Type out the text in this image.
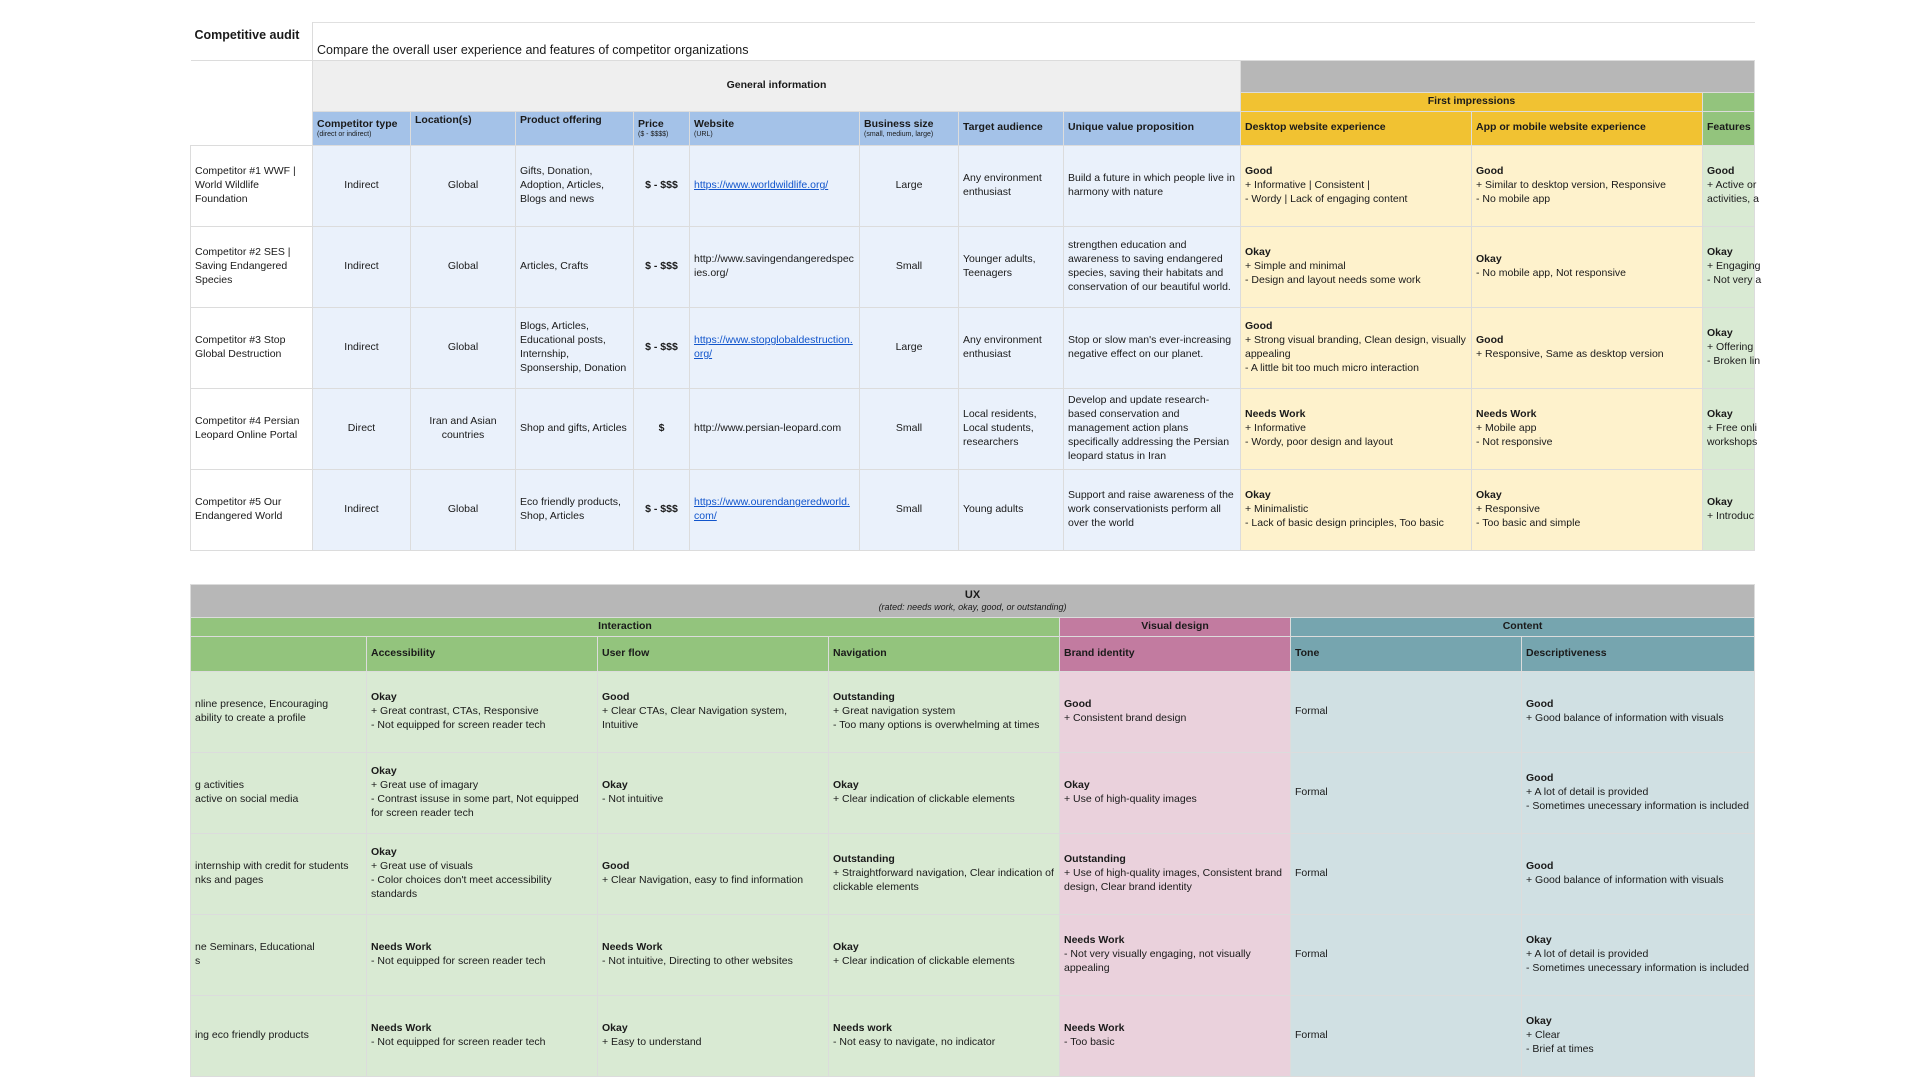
Competitive audit	Compare the overall user experience and features of competitor organizations										
	General information										
									First impressions		
	Competitor type
(direct or indirect)	Location(s)	Product offering	Price
($ - $$$$)	Website
(URL)	Business size
(small, medium, large)	Target audience	Unique value proposition	Desktop website experience	App or mobile website experience	Features
Competitor #1 WWF | World Wildlife Foundation	Indirect	Global	Gifts, Donation, Adoption, Articles, Blogs and news	$ - $$$	https://www.worldwildlife.org/	Large	Any environment enthusiast	Build a future in which people live in harmony with nature	Good
+ Informative | Consistent |
- Wordy | Lack of engaging content	Good
+ Similar to desktop version, Responsive
- No mobile app	Good
+ Active or
activities, a

Competitor #2 SES | Saving Endangered Species	Indirect	Global	Articles, Crafts	$ - $$$	http://www.savingendangeredspecies.org/	Small	Younger adults, Teenagers	strengthen education and awareness to saving endangered species, saving their habitats and conservation of our beautiful world.	Okay
+ Simple and minimal
- Design and layout needs some work	Okay
- No mobile app, Not responsive	Okay
+ Engaging
- Not very a

Competitor #3 Stop Global Destruction	Indirect	Global	Blogs, Articles, Educational posts, Internship, Sponsership, Donation	$ - $$$	https://www.stopglobaldestruction.org/	Large	Any environment enthusiast	Stop or slow man's ever-increasing negative effect on our planet.	Good
+ Strong visual branding, Clean design, visually appealing
- A little bit too much micro interaction	Good
+ Responsive, Same as desktop version	Okay
+ Offering
- Broken lin

Competitor #4 Persian Leopard Online Portal	Direct	Iran and Asian countries	Shop and gifts, Articles	$	http://www.persian-leopard.com	Small	Local residents, Local students, researchers	Develop and update research-based conservation and management action plans specifically addressing the Persian leopard status in Iran	Needs Work
+ Informative
- Wordy, poor design and layout	Needs Work
+ Mobile app
- Not responsive	Okay
+ Free onli
workshops

Competitor #5 Our Endangered World	Indirect	Global	Eco friendly products, Shop, Articles	$ - $$$	https://www.ourendangeredworld.com/	Small	Young adults	Support and raise awareness of the work conservationists perform all over the world	Okay
+ Minimalistic
- Lack of basic design principles, Too basic	Okay
+ Responsive
- Too basic and simple	Okay
+ Introduc
UX
(rated: needs work, okay, good, or outstanding)						

Interaction				Visual design	Content	
	Accessibility	User flow	Navigation	Brand identity	Tone	Descriptiveness

nline presence, Encouraging
ability to create a profile	Okay
+ Great contrast, CTAs, Responsive
- Not equipped for screen reader tech	Good
+ Clear CTAs, Clear Navigation system, Intuitive	Outstanding
+ Great navigation system
- Too many options is overwhelming at times	Good
+ Consistent brand design	Formal	Good
+ Good balance of information with visuals

g activities
active on social media	Okay
+ Great use of imagary
- Contrast issuse in some part, Not equipped for screen reader tech	Okay
- Not intuitive	Okay
+ Clear indication of clickable elements	Okay
+ Use of high-quality images	Formal	Good
+ A lot of detail is provided
- Sometimes unecessary information is included

internship with credit for students
nks and pages	Okay
+ Great use of visuals
- Color choices don't meet accessibility standards	Good
+ Clear Navigation, easy to find information	Outstanding
+ Straightforward navigation, Clear indication of clickable elements	Outstanding
+ Use of high-quality images, Consistent brand design, Clear brand identity	Formal	Good
+ Good balance of information with visuals

ne Seminars, Educational
s	Needs Work
- Not equipped for screen reader tech	Needs Work
- Not intuitive, Directing to other websites	Okay
+ Clear indication of clickable elements	Needs Work
- Not very visually engaging, not visually appealing	Formal	Okay
+ A lot of detail is provided
- Sometimes unecessary information is included

ing eco friendly products	Needs Work
- Not equipped for screen reader tech	Okay
+ Easy to understand	Needs work
- Not easy to navigate, no indicator	Needs Work
- Too basic	Formal	Okay
+ Clear
- Brief at times
